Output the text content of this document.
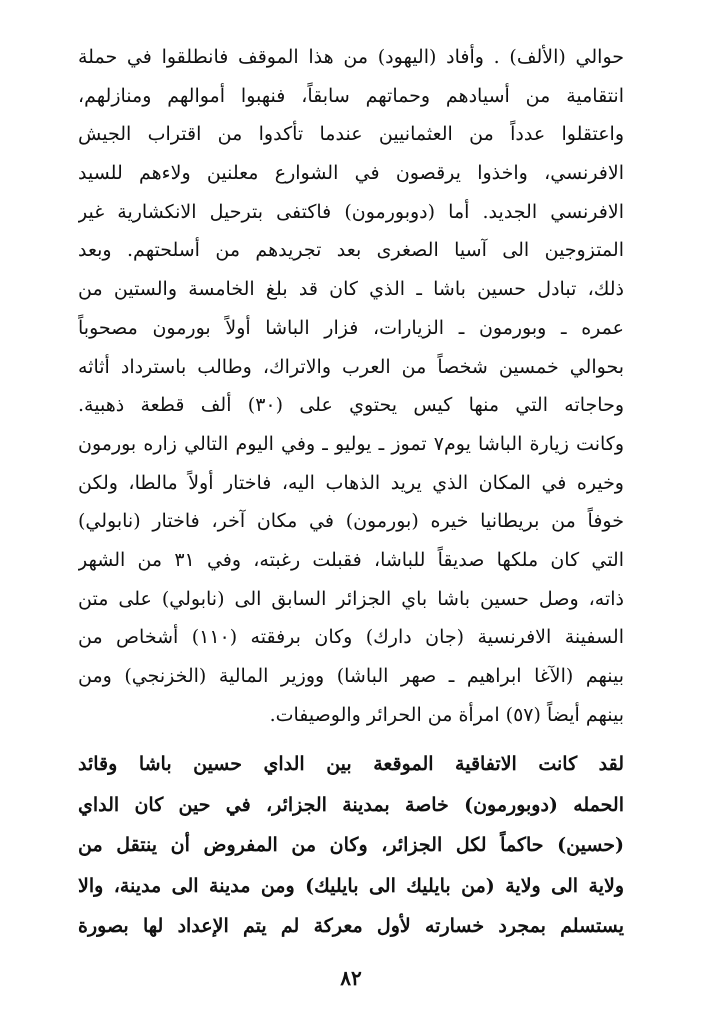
حوالي (الألف) . وأفاد (اليهود) من هذا الموقف فانطلقوا في حملة
انتقامية من أسيادهم وحماتهم سابقاً، فنهبوا أموالهم ومنازلهم،
واعتقلوا عدداً من العثمانيين عندما تأكدوا من اقتراب الجيش
الافرنسي، واخذوا يرقصون في الشوارع معلنين ولاءهم للسيد
الافرنسي الجديد. أما (دوبورمون) فاكتفى بترحيل الانكشارية غير
المتزوجين الى آسيا الصغرى بعد تجريدهم من أسلحتهم. وبعد
ذلك، تبادل حسين باشا ـ الذي كان قد بلغ الخامسة والستين من
عمره ـ وبورمون ـ الزيارات، فزار الباشا أولاً بورمون مصحوباً
بحوالي خمسين شخصاً من العرب والاتراك، وطالب باسترداد أثاثه
وحاجاته التي منها كيس يحتوي على (٣٠) ألف قطعة ذهبية.
وكانت زيارة الباشا يوم٧ تموز ـ يوليو ـ وفي اليوم التالي زاره بورمون
وخيره في المكان الذي يريد الذهاب اليه، فاختار أولاً مالطا، ولكن
خوفاً من بريطانيا خيره (بورمون) في مكان آخر، فاختار (نابولي)
التي كان ملكها صديقاً للباشا، فقبلت رغبته، وفي ٣١ من الشهر
ذاته، وصل حسين باشا باي الجزائر السابق الى (نابولي) على متن
السفينة الافرنسية (جان دارك) وكان برفقته (١١٠) أشخاص من
بينهم (الآغا ابراهيم ـ صهر الباشا) ووزير المالية (الخزنجي) ومن
بينهم أيضاً (٥٧) امرأة من الحرائر والوصيفات.
لقد كانت الاتفاقية الموقعة بين الداي حسين باشا وقائد
الحمله (دوبورمون) خاصة بمدينة الجزائر، في حين كان الداي
(حسين) حاكماً لكل الجزائر، وكان من المفروض أن ينتقل من
ولاية الى ولاية (من بايليك الى بايليك) ومن مدينة الى مدينة، والا
يستسلم بمجرد خسارته لأول معركة لم يتم الإعداد لها بصورة
٨٢
